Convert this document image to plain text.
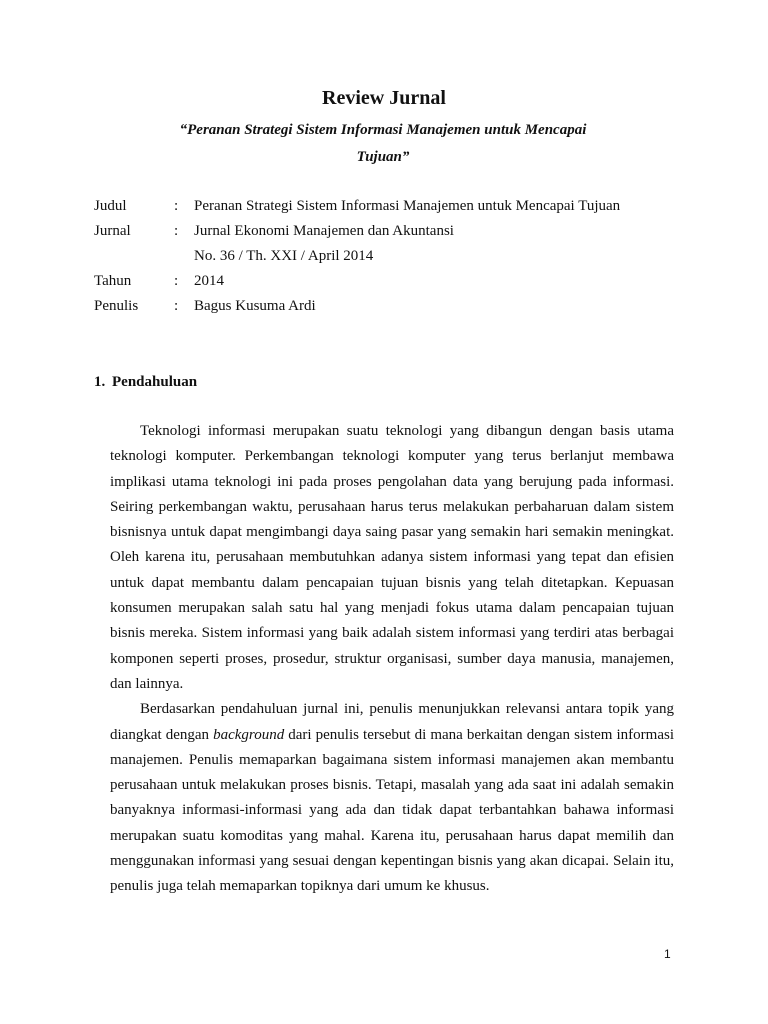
Review Jurnal
“Peranan Strategi Sistem Informasi Manajemen untuk Mencapai
Tujuan”
Judul	: Peranan Strategi Sistem Informasi Manajemen untuk Mencapai Tujuan
Jurnal	: Jurnal Ekonomi Manajemen dan Akuntansi
No. 36 / Th. XXI / April 2014
Tahun	: 2014
Penulis : Bagus Kusuma Ardi
1. Pendahuluan

Teknologi informasi merupakan suatu teknologi yang dibangun dengan basis utama teknologi komputer. Perkembangan teknologi komputer yang terus berlanjut membawa implikasi utama teknologi ini pada proses pengolahan data yang berujung pada informasi. Seiring perkembangan waktu, perusahaan harus terus melakukan perbaharuan dalam sistem bisnisnya untuk dapat mengimbangi daya saing pasar yang semakin hari semakin meningkat. Oleh karena itu, perusahaan membutuhkan adanya sistem informasi yang tepat dan efisien untuk dapat membantu dalam pencapaian tujuan bisnis yang telah ditetapkan. Kepuasan konsumen merupakan salah satu hal yang menjadi fokus utama dalam pencapaian tujuan bisnis mereka. Sistem informasi yang baik adalah sistem informasi yang terdiri atas berbagai komponen seperti proses, prosedur, struktur organisasi, sumber daya manusia, manajemen, dan lainnya.

Berdasarkan pendahuluan jurnal ini, penulis menunjukkan relevansi antara topik yang diangkat dengan background dari penulis tersebut di mana berkaitan dengan sistem informasi manajemen. Penulis memaparkan bagaimana sistem informasi manajemen akan membantu perusahaan untuk melakukan proses bisnis. Tetapi, masalah yang ada saat ini adalah semakin banyaknya informasi-informasi yang ada dan tidak dapat terbantahkan bahawa informasi merupakan suatu komoditas yang mahal. Karena itu, perusahaan harus dapat memilih dan menggunakan informasi yang sesuai dengan kepentingan bisnis yang akan dicapai. Selain itu, penulis juga telah memaparkan topiknya dari umum ke khusus.

1
